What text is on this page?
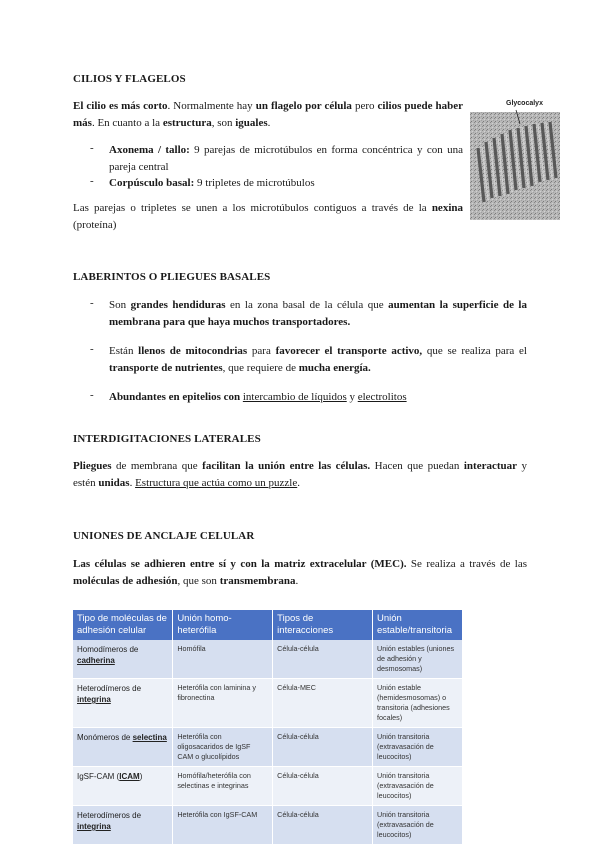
CILIOS Y FLAGELOS
El cilio es más corto. Normalmente hay un flagelo por célula pero cilios puede haber más. En cuanto a la estructura, son iguales.
- Axonema / tallo: 9 parejas de microtúbulos en forma concéntrica y con una pareja central
- Corpúsculo basal: 9 tripletes de microtúbulos
Las parejas o tripletes se unen a los microtúbulos contiguos a través de la nexina (proteína)
Glycocalyx
LABERINTOS O PLIEGUES BASALES
- Son grandes hendiduras en la zona basal de la célula que aumentan la superficie de la membrana para que haya muchos transportadores.
- Están llenos de mitocondrias para favorecer el transporte activo, que se realiza para el transporte de nutrientes, que requiere de mucha energía.
- Abundantes en epitelios con intercambio de líquidos y electrolitos
INTERDIGITACIONES LATERALES
Pliegues de membrana que facilitan la unión entre las células. Hacen que puedan interactuar y estén unidas. Estructura que actúa como un puzzle.
UNIONES DE ANCLAJE CELULAR
Las células se adhieren entre sí y con la matriz extracelular (MEC). Se realiza a través de las moléculas de adhesión, que son transmembrana.
Tipo de moléculas de adhesión celular	Unión homo-heterófila	Tipos de interacciones	Unión estable/transitoria
Homodímeros de cadherina	Homófila	Célula-célula	Unión estables (uniones de adhesión y desmosomas)
Heterodímeros de integrina	Heterófila con laminina y fibronectina	Célula-MEC	Unión estable (hemidesmosomas) o transitoria (adhesiones focales)
Monómeros de selectina	Heterófila con oligosacaridos de IgSF CAM o glucolípidos	Célula-célula	Unión transitoria (extravasación de leucocitos)
IgSF-CAM (ICAM)	Homófila/heterófila con selectinas e integrinas	Célula-célula	Unión transitoria (extravasación de leucocitos)
Heterodímeros de integrina	Heterófila con IgSF-CAM	Célula-célula	Unión transitoria (extravasación de leucocitos)
